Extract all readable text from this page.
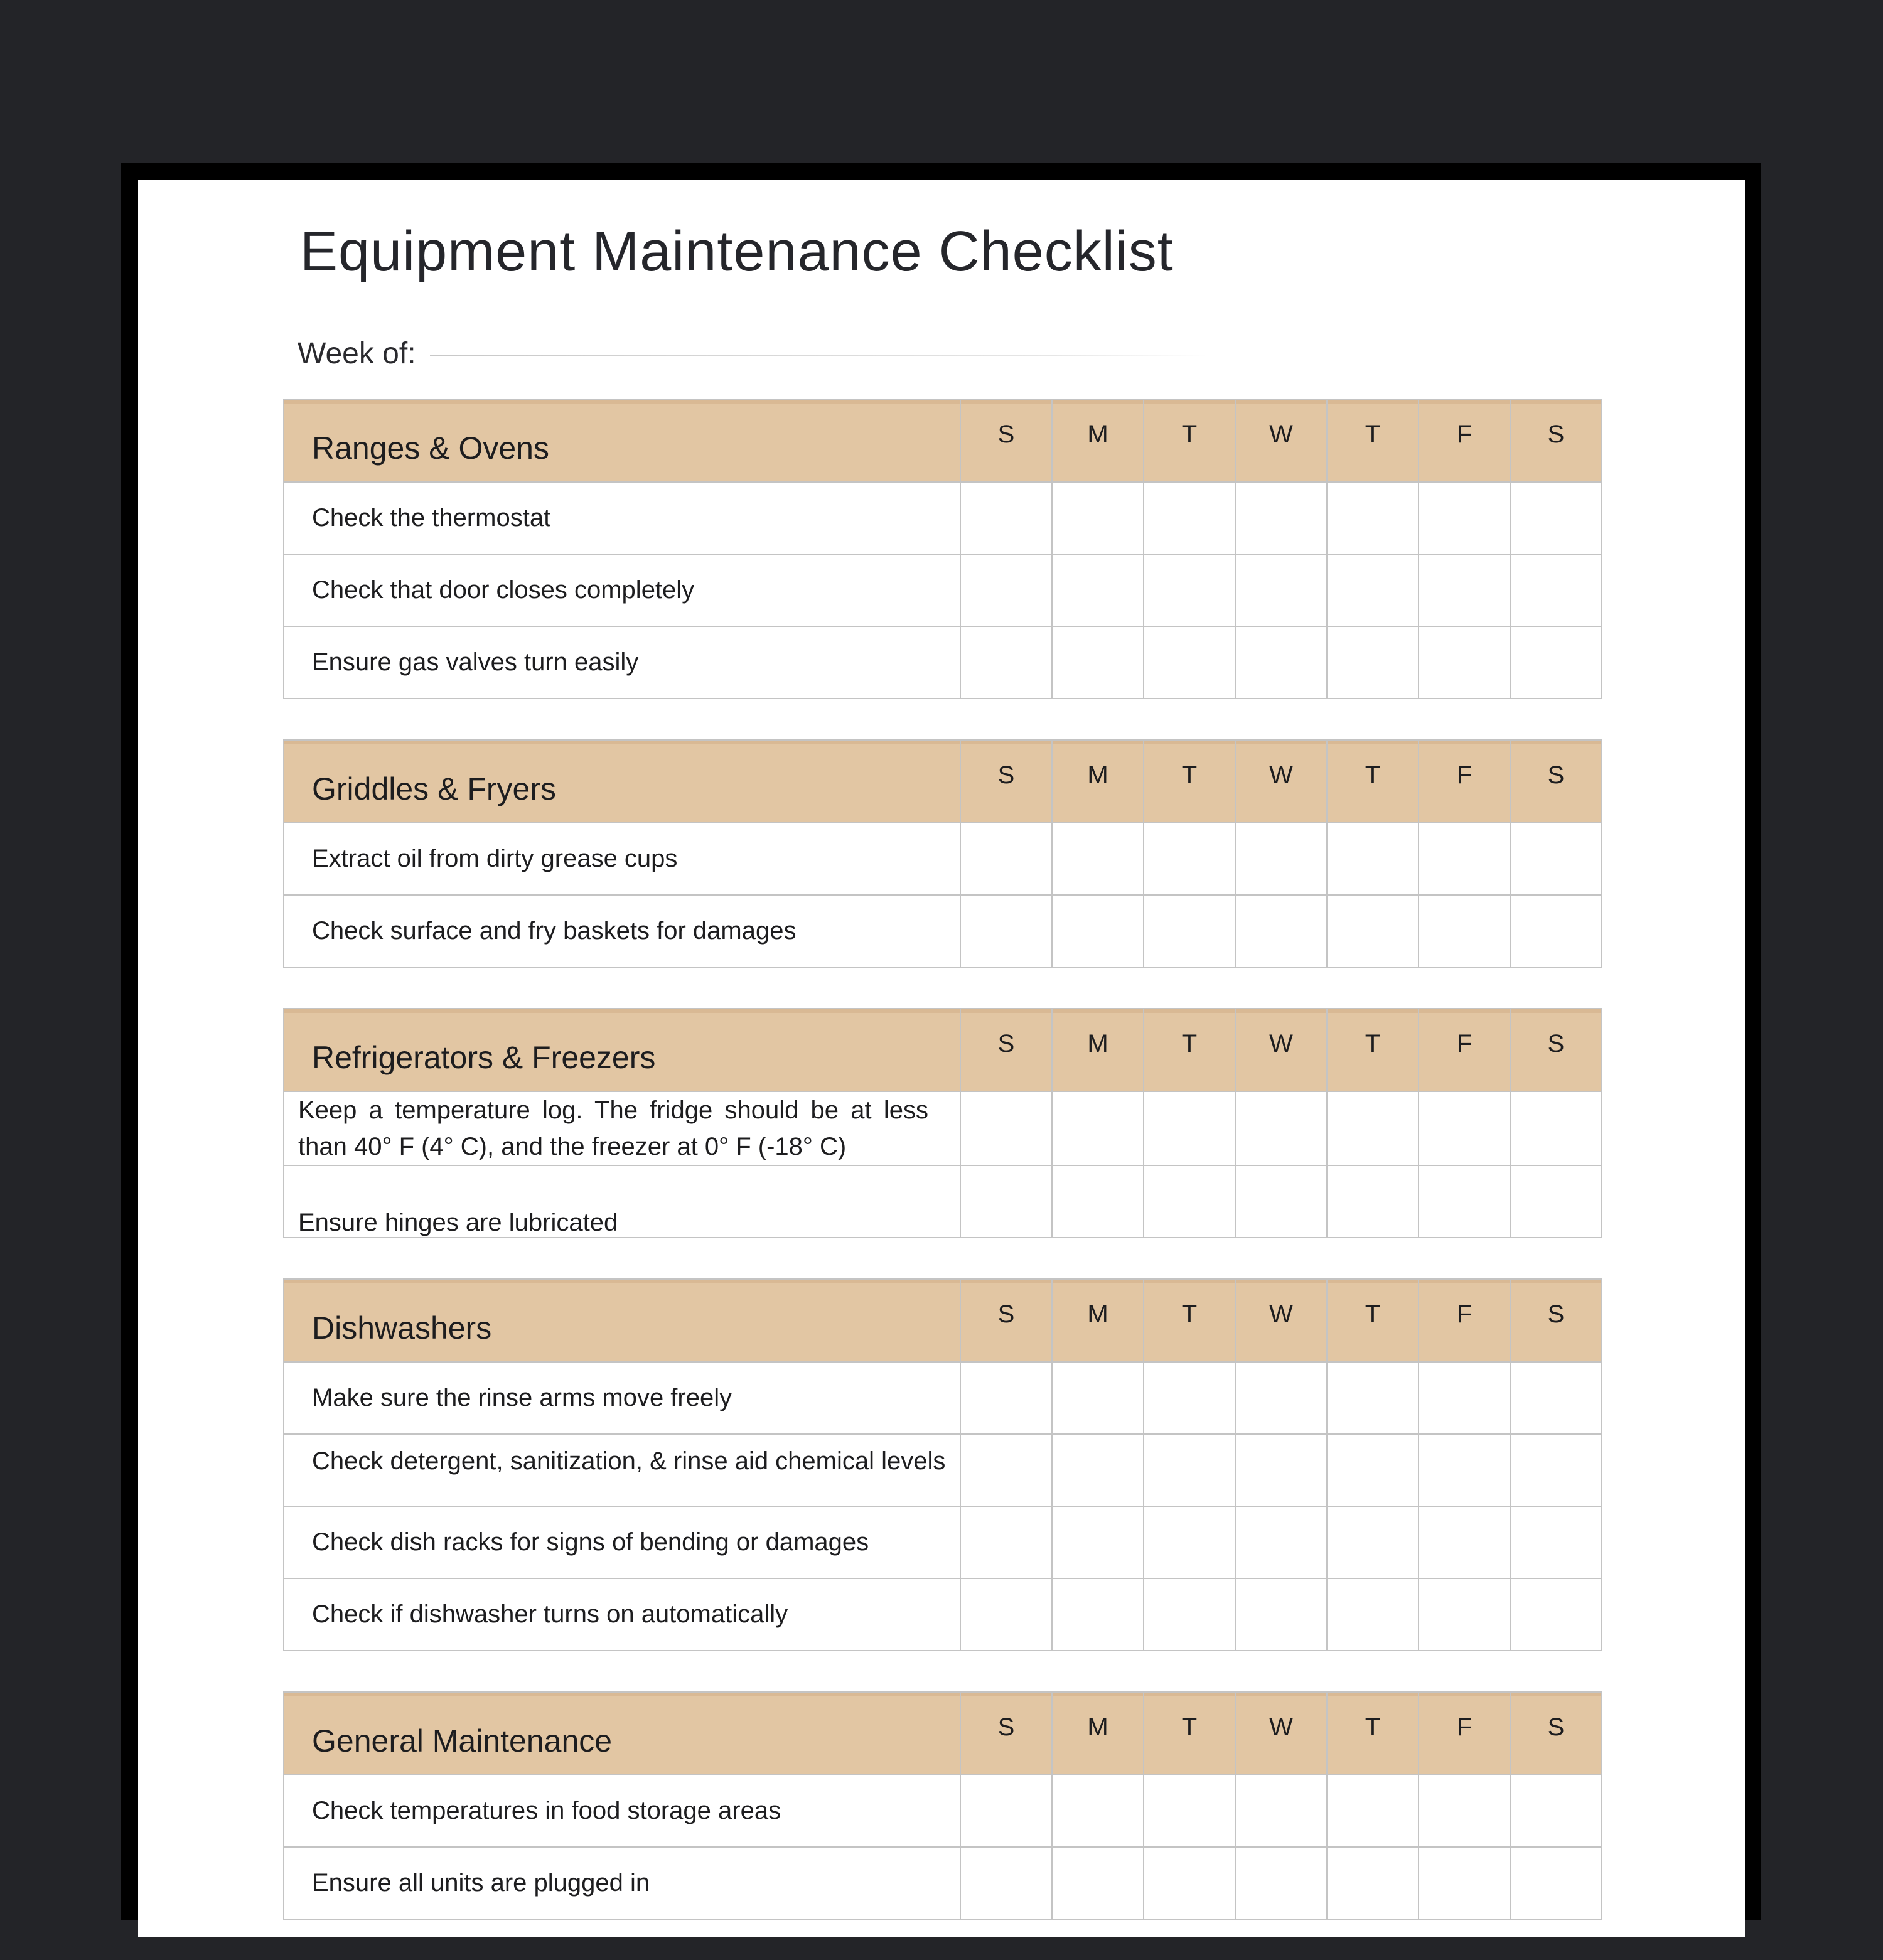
Equipment Maintenance Checklist
Week of:
Ranges & Ovens	S	M	T	W	T	F	S
Check the thermostat							
Check that door closes completely							
Ensure gas valves turn easily							
Griddles & Fryers	S	M	T	W	T	F	S
Extract oil from dirty grease cups							
Check surface and fry baskets for damages							
Refrigerators & Freezers	S	M	T	W	T	F	S
Keep a temperature log. The fridge should be at less than 40° F (4° C), and the freezer at 0° F (-18° C)							
Ensure hinges are lubricated							
Dishwashers	S	M	T	W	T	F	S
Make sure the rinse arms move freely							
Check detergent, sanitization, & rinse aid chemical levels							
Check dish racks for signs of bending or damages							
Check if dishwasher turns on automatically							
General Maintenance	S	M	T	W	T	F	S
Check temperatures in food storage areas							
Ensure all units are plugged in							
